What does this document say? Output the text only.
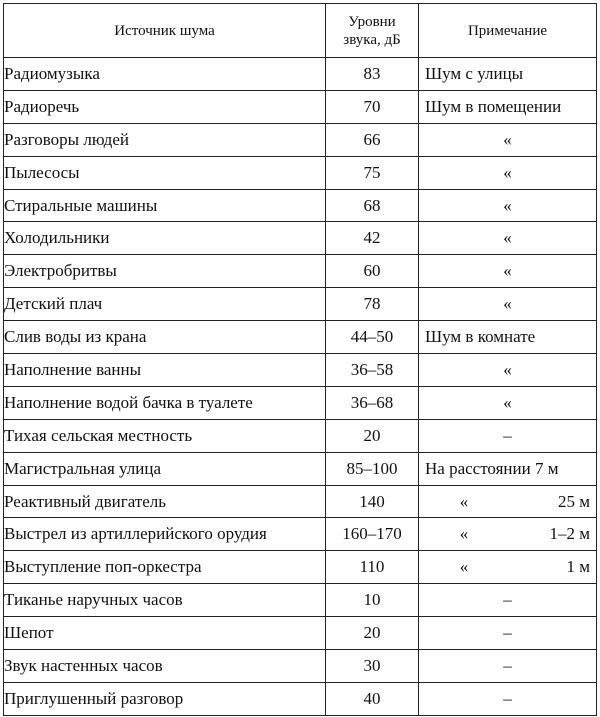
Источник шума	Уровни звука, дБ	Примечание
Радиомузыка	83	Шум с улицы
Радиоречь	70	Шум в помещении
Разговоры людей	66	«
Пылесосы	75	«
Стиральные машины	68	«
Холодильники	42	«
Электробритвы	60	«
Детский плач	78	«
Слив воды из крана	44–50	Шум в комнате
Наполнение ванны	36–58	«
Наполнение водой бачка в туалете	36–68	«
Тихая сельская местность	20	–
Магистральная улица	85–100	На расстоянии 7 м
Реактивный двигатель	140	« 25 м

Выстрел из артиллерийского орудия	160–170	« 1–2 м

Выступление поп-оркестра	110	« 1 м

Тиканье наручных часов	10	–
Шепот	20	–
Звук настенных часов	30	–
Приглушенный разговор	40	–
